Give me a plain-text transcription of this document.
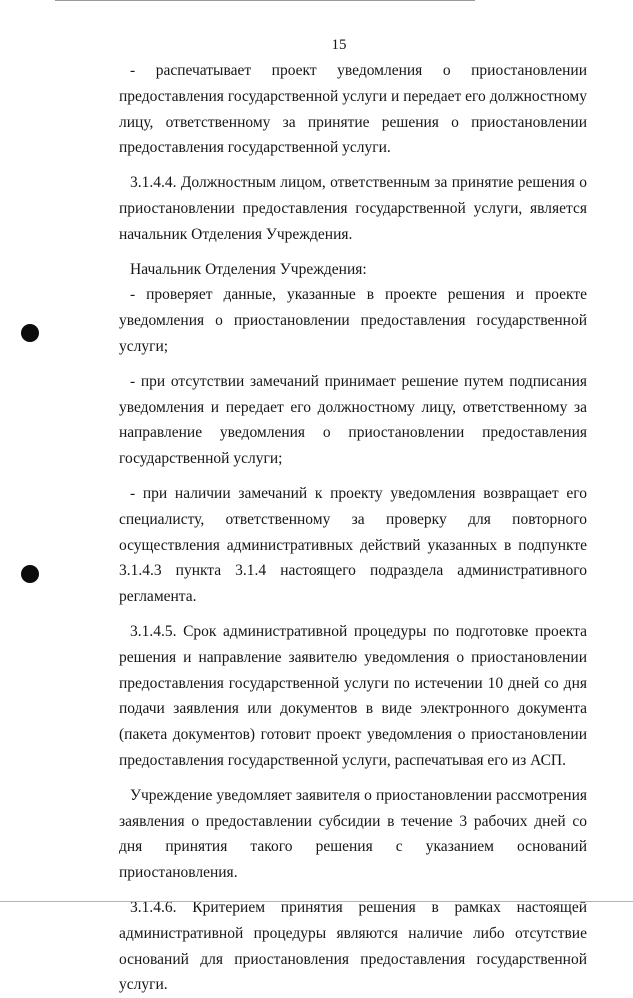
15

- распечатывает проект уведомления о приостановлении предоставления государственной услуги и передает его должностному лицу, ответственному за принятие решения о приостановлении предоставления государственной услуги.

3.1.4.4. Должностным лицом, ответственным за принятие решения о приостановлении предоставления государственной услуги, является начальник Отделения Учреждения.

Начальник Отделения Учреждения:

- проверяет данные, указанные в проекте решения и проекте уведомления о приостановлении предоставления государственной услуги;

- при отсутствии замечаний принимает решение путем подписания уведомления и передает его должностному лицу, ответственному за направление уведомления о приостановлении предоставления государственной услуги;

- при наличии замечаний к проекту уведомления возвращает его специалисту, ответственному за проверку для повторного осуществления административных действий указанных в подпункте 3.1.4.3 пункта 3.1.4 настоящего подраздела административного регламента.

3.1.4.5. Срок административной процедуры по подготовке проекта решения и направление заявителю уведомления о приостановлении предоставления государственной услуги по истечении 10 дней со дня подачи заявления или документов в виде электронного документа (пакета документов) готовит проект уведомления о приостановлении предоставления государственной услуги, распечатывая его из АСП.

Учреждение уведомляет заявителя о приостановлении рассмотрения заявления о предоставлении субсидии в течение 3 рабочих дней со дня принятия такого решения с указанием оснований приостановления.

3.1.4.6. Критерием принятия решения в рамках настоящей административной процедуры являются наличие либо отсутствие оснований для приостановления предоставления государственной услуги.
